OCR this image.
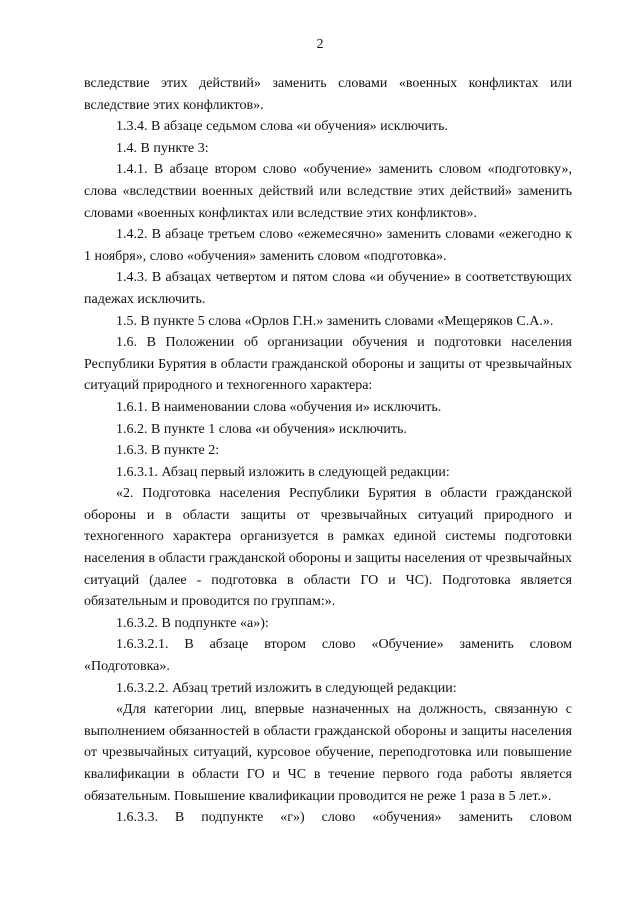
2

вследствие этих действий» заменить словами «военных конфликтах или вследствие этих конфликтов».

1.3.4. В абзаце седьмом слова «и обучения» исключить.

1.4. В пункте 3:

1.4.1. В абзаце втором слово «обучение» заменить словом «подготовку», слова «вследствии военных действий или вследствие этих действий» заменить словами «военных конфликтах или вследствие этих конфликтов».

1.4.2. В абзаце третьем слово «ежемесячно» заменить словами «ежегодно к 1 ноября», слово «обучения» заменить словом «подготовка».

1.4.3. В абзацах четвертом и пятом слова «и обучение» в соответствующих падежах исключить.

1.5. В пункте 5 слова «Орлов Г.Н.» заменить словами «Мещеряков С.А.».

1.6. В Положении об организации обучения и подготовки населения Республики Бурятия в области гражданской обороны и защиты от чрезвычайных ситуаций природного и техногенного характера:

1.6.1. В наименовании слова «обучения и» исключить.

1.6.2. В пункте 1 слова «и обучения» исключить.

1.6.3. В пункте 2:

1.6.3.1. Абзац первый изложить в следующей редакции:

«2. Подготовка населения Республики Бурятия в области гражданской обороны и в области защиты от чрезвычайных ситуаций природного и техногенного характера организуется в рамках единой системы подготовки населения в области гражданской обороны и защиты населения от чрезвычайных ситуаций (далее - подготовка в области ГО и ЧС). Подготовка является обязательным и проводится по группам:».

1.6.3.2. В подпункте «а»):

1.6.3.2.1. В абзаце втором слово «Обучение» заменить словом «Подготовка».

1.6.3.2.2. Абзац третий изложить в следующей редакции:

«Для категории лиц, впервые назначенных на должность, связанную с выполнением обязанностей в области гражданской обороны и защиты населения от чрезвычайных ситуаций, курсовое обучение, переподготовка или повышение квалификации в области ГО и ЧС в течение первого года работы является обязательным. Повышение квалификации проводится не реже 1 раза в 5 лет.».

1.6.3.3. В подпункте «г») слово «обучения» заменить словом
